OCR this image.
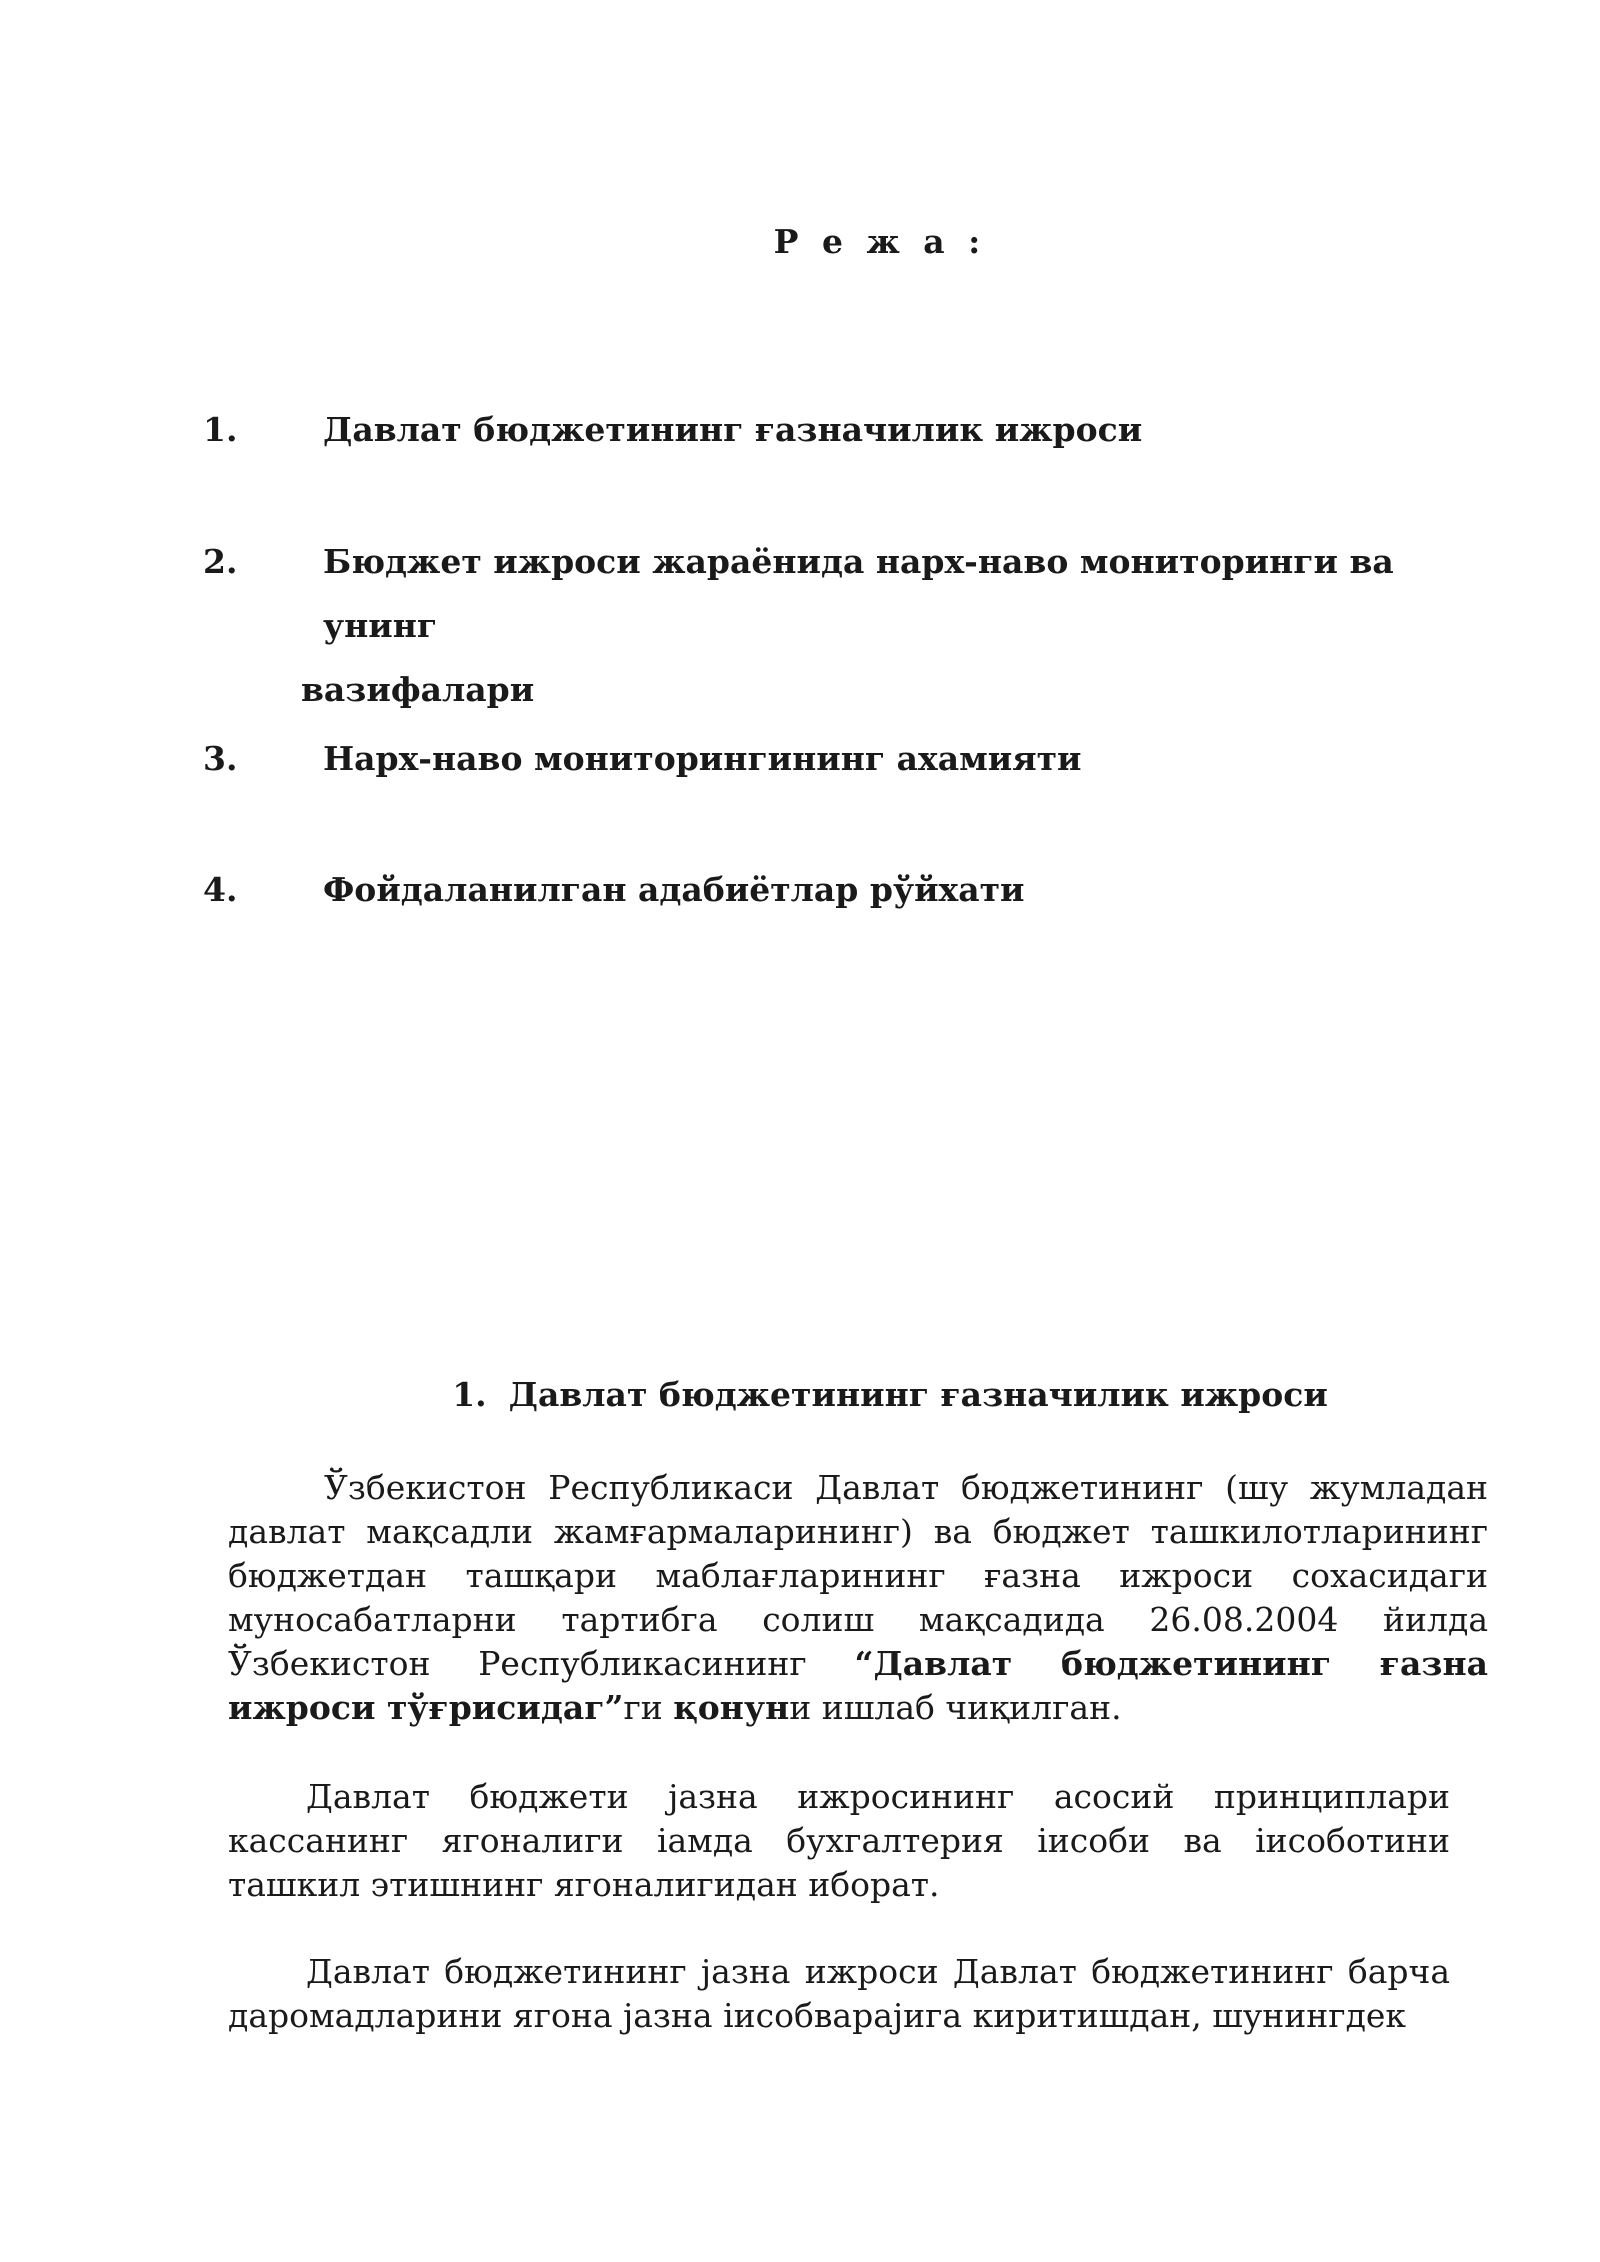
Р е ж а :
1.	Давлат бюджетининг ғазначилик ижроси
2.	Бюджет ижроси жараёнида нарх-наво мониторинги ва унинг
вазифалари
3.	Нарх-наво мониторингининг ахамияти
4.	Фойдаланилган адабиётлар рўйхати
1. Давлат бюджетининг ғазначилик ижроси

Ўзбекистон Республикаси Давлат бюджетининг (шу жумладан давлат мақсадли жамғармаларининг) ва бюджет ташкилотларининг бюджетдан ташқари маблағларининг ғазна ижроси сохасидаги муносабатларни тартибга солиш мақсадида 26.08.2004 йилда Ўзбекистон Республикасининг “Давлат бюджетининг ғазна ижроси тўғрисидаг”ги қонуни ишлаб чиқилган.

Давлат бюджети јазна ижросининг асосий принциплари кассанинг ягоналиги іамда бухгалтерия іисоби ва іисоботини ташкил этишнинг ягоналигидан иборат.

Давлат бюджетининг јазна ижроси Давлат бюджетининг барча даромадларини ягона јазна іисобварајига киритишдан, шунингдек
